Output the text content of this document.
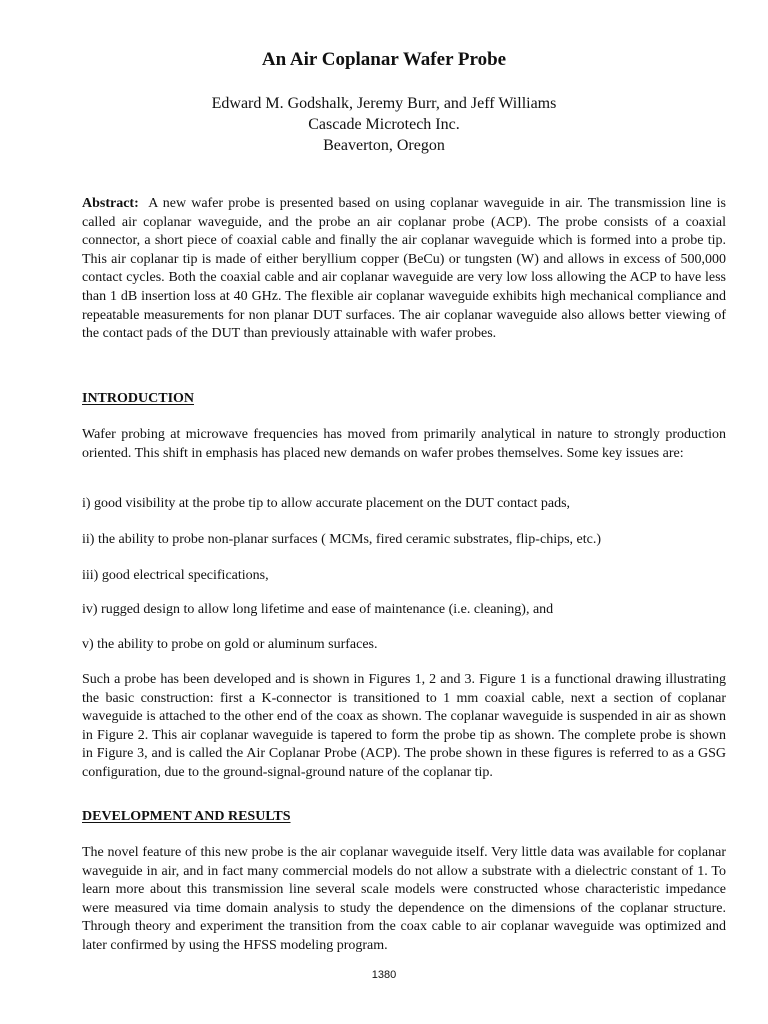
An Air Coplanar Wafer Probe
Edward M. Godshalk, Jeremy Burr, and Jeff Williams
Cascade Microtech Inc.
Beaverton, Oregon

Abstract: A new wafer probe is presented based on using coplanar waveguide in air. The transmission line is called air coplanar waveguide, and the probe an air coplanar probe (ACP). The probe consists of a coaxial connector, a short piece of coaxial cable and finally the air coplanar waveguide which is formed into a probe tip. This air coplanar tip is made of either beryllium copper (BeCu) or tungsten (W) and allows in excess of 500,000 contact cycles. Both the coaxial cable and air coplanar waveguide are very low loss allowing the ACP to have less than 1 dB insertion loss at 40 GHz. The flexible air coplanar waveguide exhibits high mechanical compliance and repeatable measurements for non planar DUT surfaces. The air coplanar waveguide also allows better viewing of the contact pads of the DUT than previously attainable with wafer probes.

INTRODUCTION
Wafer probing at microwave frequencies has moved from primarily analytical in nature to strongly production oriented. This shift in emphasis has placed new demands on wafer probes themselves. Some key issues are:
i) good visibility at the probe tip to allow accurate placement on the DUT contact pads,
ii) the ability to probe non-planar surfaces ( MCMs, fired ceramic substrates, flip-chips, etc.)
iii) good electrical specifications,
iv) rugged design to allow long lifetime and ease of maintenance (i.e. cleaning), and
v) the ability to probe on gold or aluminum surfaces.
Such a probe has been developed and is shown in Figures 1, 2 and 3. Figure 1 is a functional drawing illustrating the basic construction: first a K-connector is transitioned to 1 mm coaxial cable, next a section of coplanar waveguide is attached to the other end of the coax as shown. The coplanar waveguide is suspended in air as shown in Figure 2. This air coplanar waveguide is tapered to form the probe tip as shown. The complete probe is shown in Figure 3, and is called the Air Coplanar Probe (ACP). The probe shown in these figures is referred to as a GSG configuration, due to the ground-signal-ground nature of the coplanar tip.
DEVELOPMENT AND RESULTS
The novel feature of this new probe is the air coplanar waveguide itself. Very little data was available for coplanar waveguide in air, and in fact many commercial models do not allow a substrate with a dielectric constant of 1. To learn more about this transmission line several scale models were constructed whose characteristic impedance were measured via time domain analysis to study the dependence on the dimensions of the coplanar structure. Through theory and experiment the transition from the coax cable to air coplanar waveguide was optimized and later confirmed by using the HFSS modeling program.
1380
